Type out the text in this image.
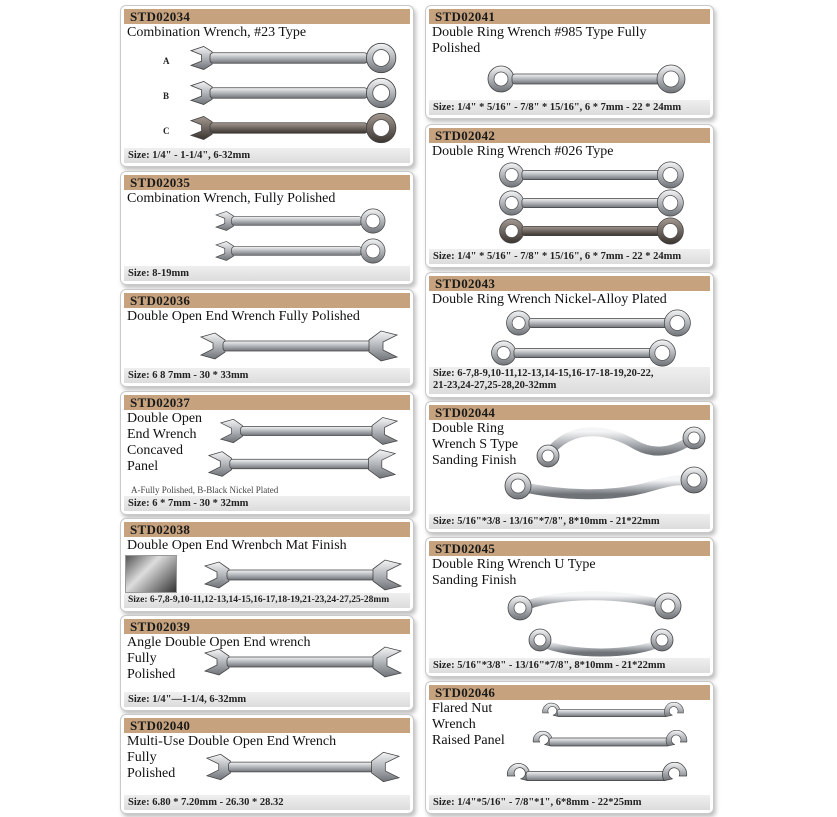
STD02034
Combination Wrench, #23 Type
A
B
C
Size: 1/4" - 1-1/4", 6-32mm
STD02035
Combination Wrench, Fully Polished
Size: 8-19mm
STD02036
Double Open End Wrench Fully Polished
Size: 6 8 7mm - 30 * 33mm
STD02037
Double Open
End Wrench
Concaved
Panel
A-Fully Polished, B-Black Nickel Plated
Size: 6 * 7mm - 30 * 32mm
STD02038
Double Open End Wrenbch Mat Finish
Size: 6-7,8-9,10-11,12-13,14-15,16-17,18-19,21-23,24-27,25-28mm
STD02039
Angle Double Open End wrench
Fully
Polished
Size: 1/4"—1-1/4, 6-32mm
STD02040
Multi-Use Double Open End Wrench
Fully
Polished
Size: 6.80 * 7.20mm - 26.30 * 28.32
STD02041
Double Ring Wrench #985 Type Fully
Polished
Size: 1/4" * 5/16" - 7/8" * 15/16", 6 * 7mm - 22 * 24mm
STD02042
Double Ring Wrench #026 Type
Size: 1/4" * 5/16" - 7/8" * 15/16", 6 * 7mm - 22 * 24mm
STD02043
Double Ring Wrench Nickel-Alloy Plated
Size: 6-7,8-9,10-11,12-13,14-15,16-17-18-19,20-22,
21-23,24-27,25-28,20-32mm
STD02044
Double Ring
Wrench S Type
Sanding Finish
Size: 5/16"*3/8 - 13/16"*7/8", 8*10mm - 21*22mm
STD02045
Double Ring Wrench U Type
Sanding Finish
Size: 5/16"*3/8" - 13/16"*7/8", 8*10mm - 21*22mm
STD02046
Flared Nut
Wrench
Raised Panel
Size: 1/4"*5/16" - 7/8"*1", 6*8mm - 22*25mm
